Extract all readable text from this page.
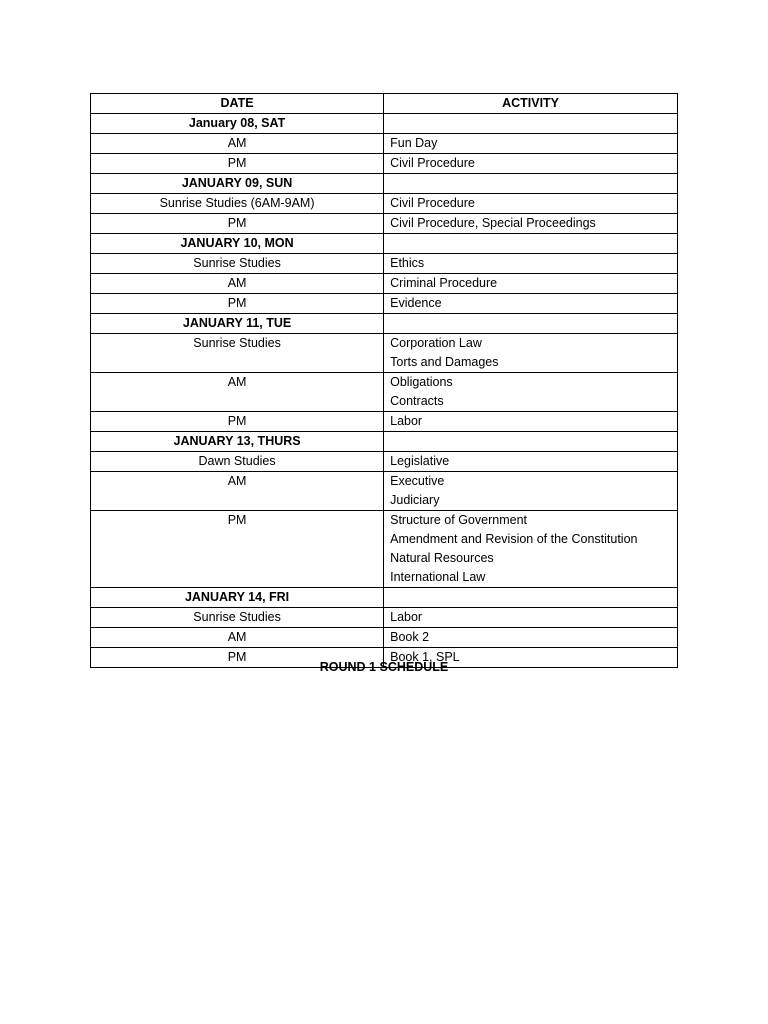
DATE	ACTIVITY
January 08, SAT	
AM	Fun Day

PM	Civil Procedure

JANUARY 09, SUN	
Sunrise Studies (6AM-9AM)	Civil Procedure

PM	Civil Procedure, Special Proceedings

JANUARY 10, MON	
Sunrise Studies	Ethics

AM	Criminal Procedure

PM	Evidence

JANUARY 11, TUE	
Sunrise Studies	Corporation Law
Torts and Damages

AM	Obligations
Contracts

PM	Labor

JANUARY 13, THURS	
Dawn Studies	Legislative

AM	Executive
Judiciary

PM	Structure of Government
Amendment and Revision of the Constitution
Natural Resources
International Law

JANUARY 14, FRI	
Sunrise Studies	Labor

AM	Book 2

PM	Book 1, SPL
ROUND 1 SCHEDULE
